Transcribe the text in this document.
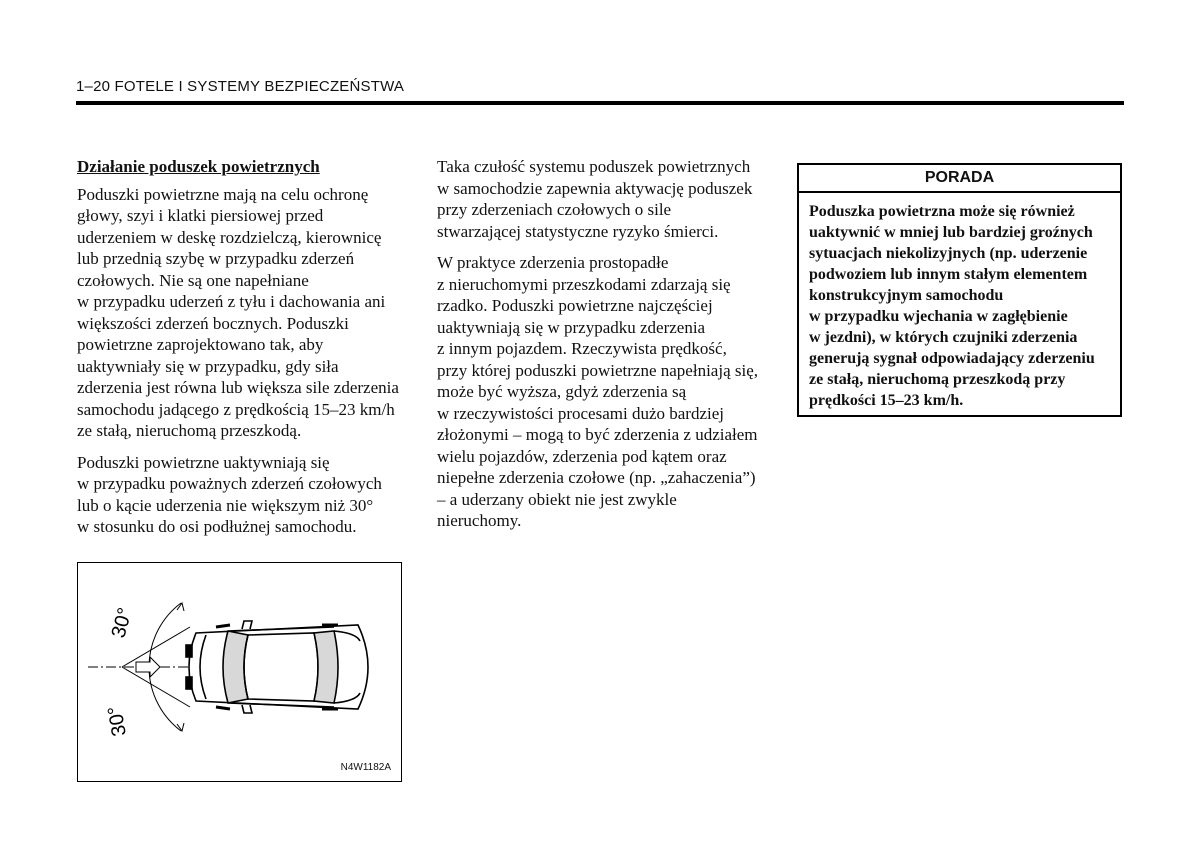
1–20 FOTELE I SYSTEMY BEZPIECZEŃSTWA
Działanie poduszek powietrznych

Poduszki powietrzne mają na celu ochronę
głowy, szyi i klatki piersiowej przed
uderzeniem w deskę rozdzielczą, kierownicę
lub przednią szybę w przypadku zderzeń
czołowych. Nie są one napełniane
w przypadku uderzeń z tyłu i dachowania ani
większości zderzeń bocznych. Poduszki
powietrzne zaprojektowano tak, aby
uaktywniały się w przypadku, gdy siła
zderzenia jest równa lub większa sile zderzenia
samochodu jadącego z prędkością 15–23 km/h
ze stałą, nieruchomą przeszkodą.

Poduszki powietrzne uaktywniają się
w przypadku poważnych zderzeń czołowych
lub o kącie uderzenia nie większym niż 30°
w stosunku do osi podłużnej samochodu.

Taka czułość systemu poduszek powietrznych
w samochodzie zapewnia aktywację poduszek
przy zderzeniach czołowych o sile
stwarzającej statystyczne ryzyko śmierci.

W praktyce zderzenia prostopadłe
z nieruchomymi przeszkodami zdarzają się
rzadko. Poduszki powietrzne najczęściej
uaktywniają się w przypadku zderzenia
z innym pojazdem. Rzeczywista prędkość,
przy której poduszki powietrzne napełniają się,
może być wyższa, gdyż zderzenia są
w rzeczywistości procesami dużo bardziej
złożonymi – mogą to być zderzenia z udziałem
wielu pojazdów, zderzenia pod kątem oraz
niepełne zderzenia czołowe (np. „zahaczenia”)
– a uderzany obiekt nie jest zwykle
nieruchomy.

PORADA
Poduszka powietrzna może się również
uaktywnić w mniej lub bardziej groźnych
sytuacjach niekolizyjnych (np. uderzenie
podwoziem lub innym stałym elementem
konstrukcyjnym samochodu
w przypadku wjechania w zagłębienie
w jezdni), w których czujniki zderzenia
generują sygnał odpowiadający zderzeniu
ze stałą, nieruchomą przeszkodą przy
prędkości 15–23 km/h.
30°
30°
N4W1182A
